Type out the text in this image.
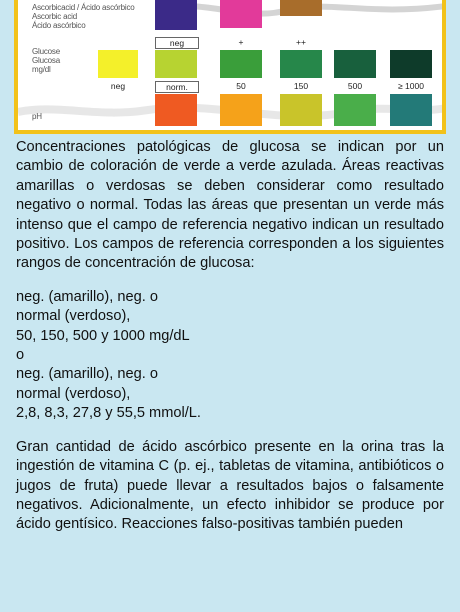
Ascorbicacid / Ácido ascórbico
Ascorbic acid
Ácido ascórbico
neg	+	++
Glucose
Glucosa
mg/dl
neg	norm.	50	150	500	≥ 1000
pH

Concentraciones patológicas de glucosa se indican por un cambio de coloración de verde a verde azulada. Áreas reactivas amarillas o verdosas se deben considerar como resultado negativo o normal. Todas las áreas que presentan un verde más intenso que el campo de referencia negativo indican un resultado positivo. Los campos de referencia corresponden a los siguientes rangos de concentración de glucosa:

neg. (amarillo), neg. o
normal (verdoso),
50, 150, 500 y 1000 mg/dL
o
neg. (amarillo), neg. o
normal (verdoso),
2,8, 8,3, 27,8 y 55,5 mmol/L.

Gran cantidad de ácido ascórbico presente en la orina tras la ingestión de vitamina C (p. ej., tabletas de vitamina, antibióticos o jugos de fruta) puede llevar a resultados bajos o falsamente negativos. Adicionalmente, un efecto inhibidor se produce por ácido gentísico. Reacciones falso-positivas también pueden
